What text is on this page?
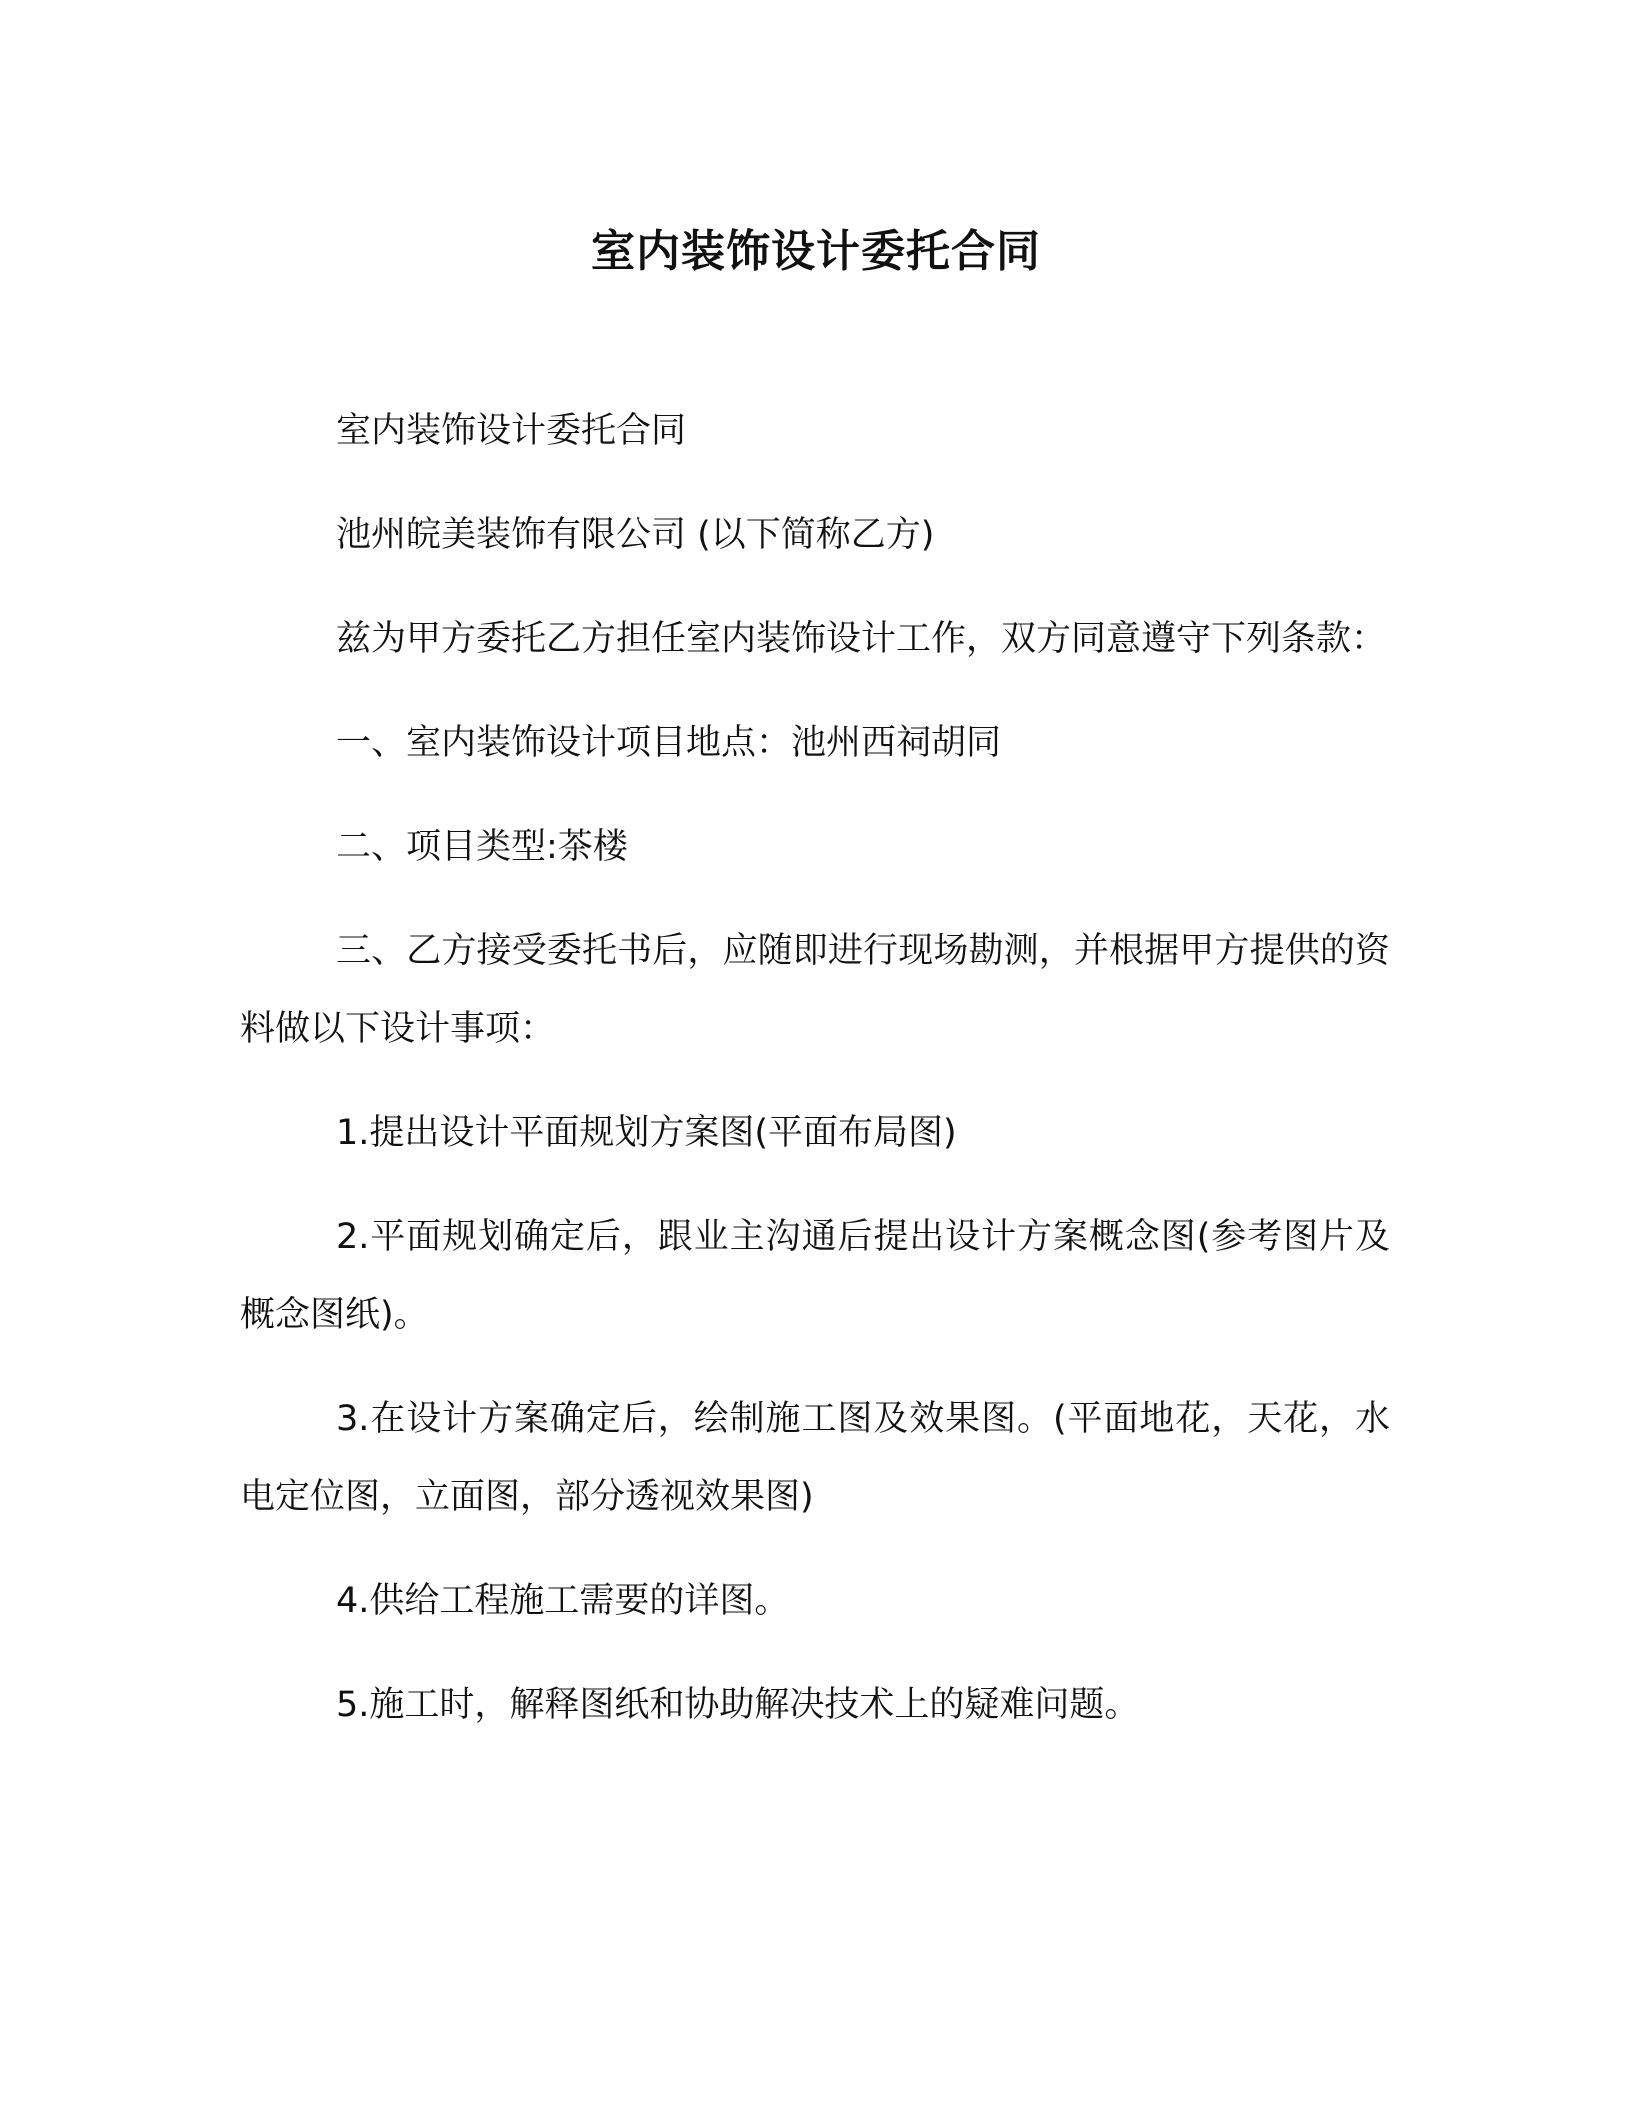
室内装饰设计委托合同

室内装饰设计委托合同

池州皖美装饰有限公司 (以下简称乙方)

兹为甲方委托乙方担任室内装饰设计工作，双方同意遵守下列条款：

一、室内装饰设计项目地点：池州西祠胡同

二、项目类型:茶楼

三、乙方接受委托书后，应随即进行现场勘测，并根据甲方提供的资料做以下设计事项：

1.提出设计平面规划方案图(平面布局图)

2.平面规划确定后，跟业主沟通后提出设计方案概念图(参考图片及概念图纸)。

3.在设计方案确定后，绘制施工图及效果图。(平面地花，天花，水电定位图，立面图，部分透视效果图)

4.供给工程施工需要的详图。

5.施工时，解释图纸和协助解决技术上的疑难问题。
